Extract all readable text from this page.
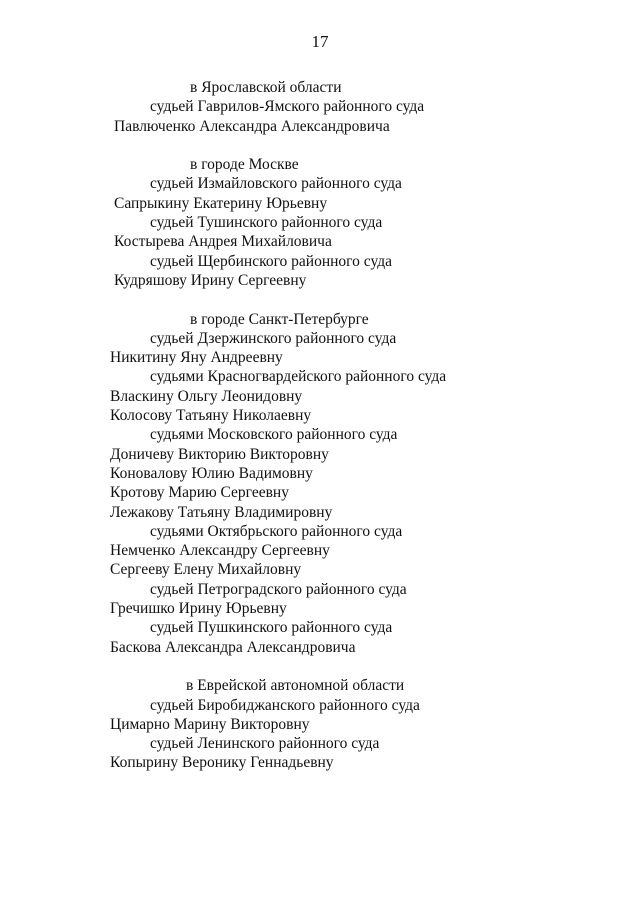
17
в Ярославской области
судьей Гаврилов-Ямского районного суда
Павлюченко Александра Александровича
в городе Москве
судьей Измайловского районного суда
Сапрыкину Екатерину Юрьевну
судьей Тушинского районного суда
Костырева Андрея Михайловича
судьей Щербинского районного суда
Кудряшову Ирину Сергеевну
в городе Санкт-Петербурге
судьей Дзержинского районного суда
Никитину Яну Андреевну
судьями Красногвардейского районного суда
Власкину Ольгу Леонидовну
Колосову Татьяну Николаевну
судьями Московского районного суда
Доничеву Викторию Викторовну
Коновалову Юлию Вадимовну
Кротову Марию Сергеевну
Лежакову Татьяну Владимировну
судьями Октябрьского районного суда
Немченко Александру Сергеевну
Сергееву Елену Михайловну
судьей Петроградского районного суда
Гречишко Ирину Юрьевну
судьей Пушкинского районного суда
Баскова Александра Александровича
в Еврейской автономной области
судьей Биробиджанского районного суда
Цимарно Марину Викторовну
судьей Ленинского районного суда
Копырину Веронику Геннадьевну
